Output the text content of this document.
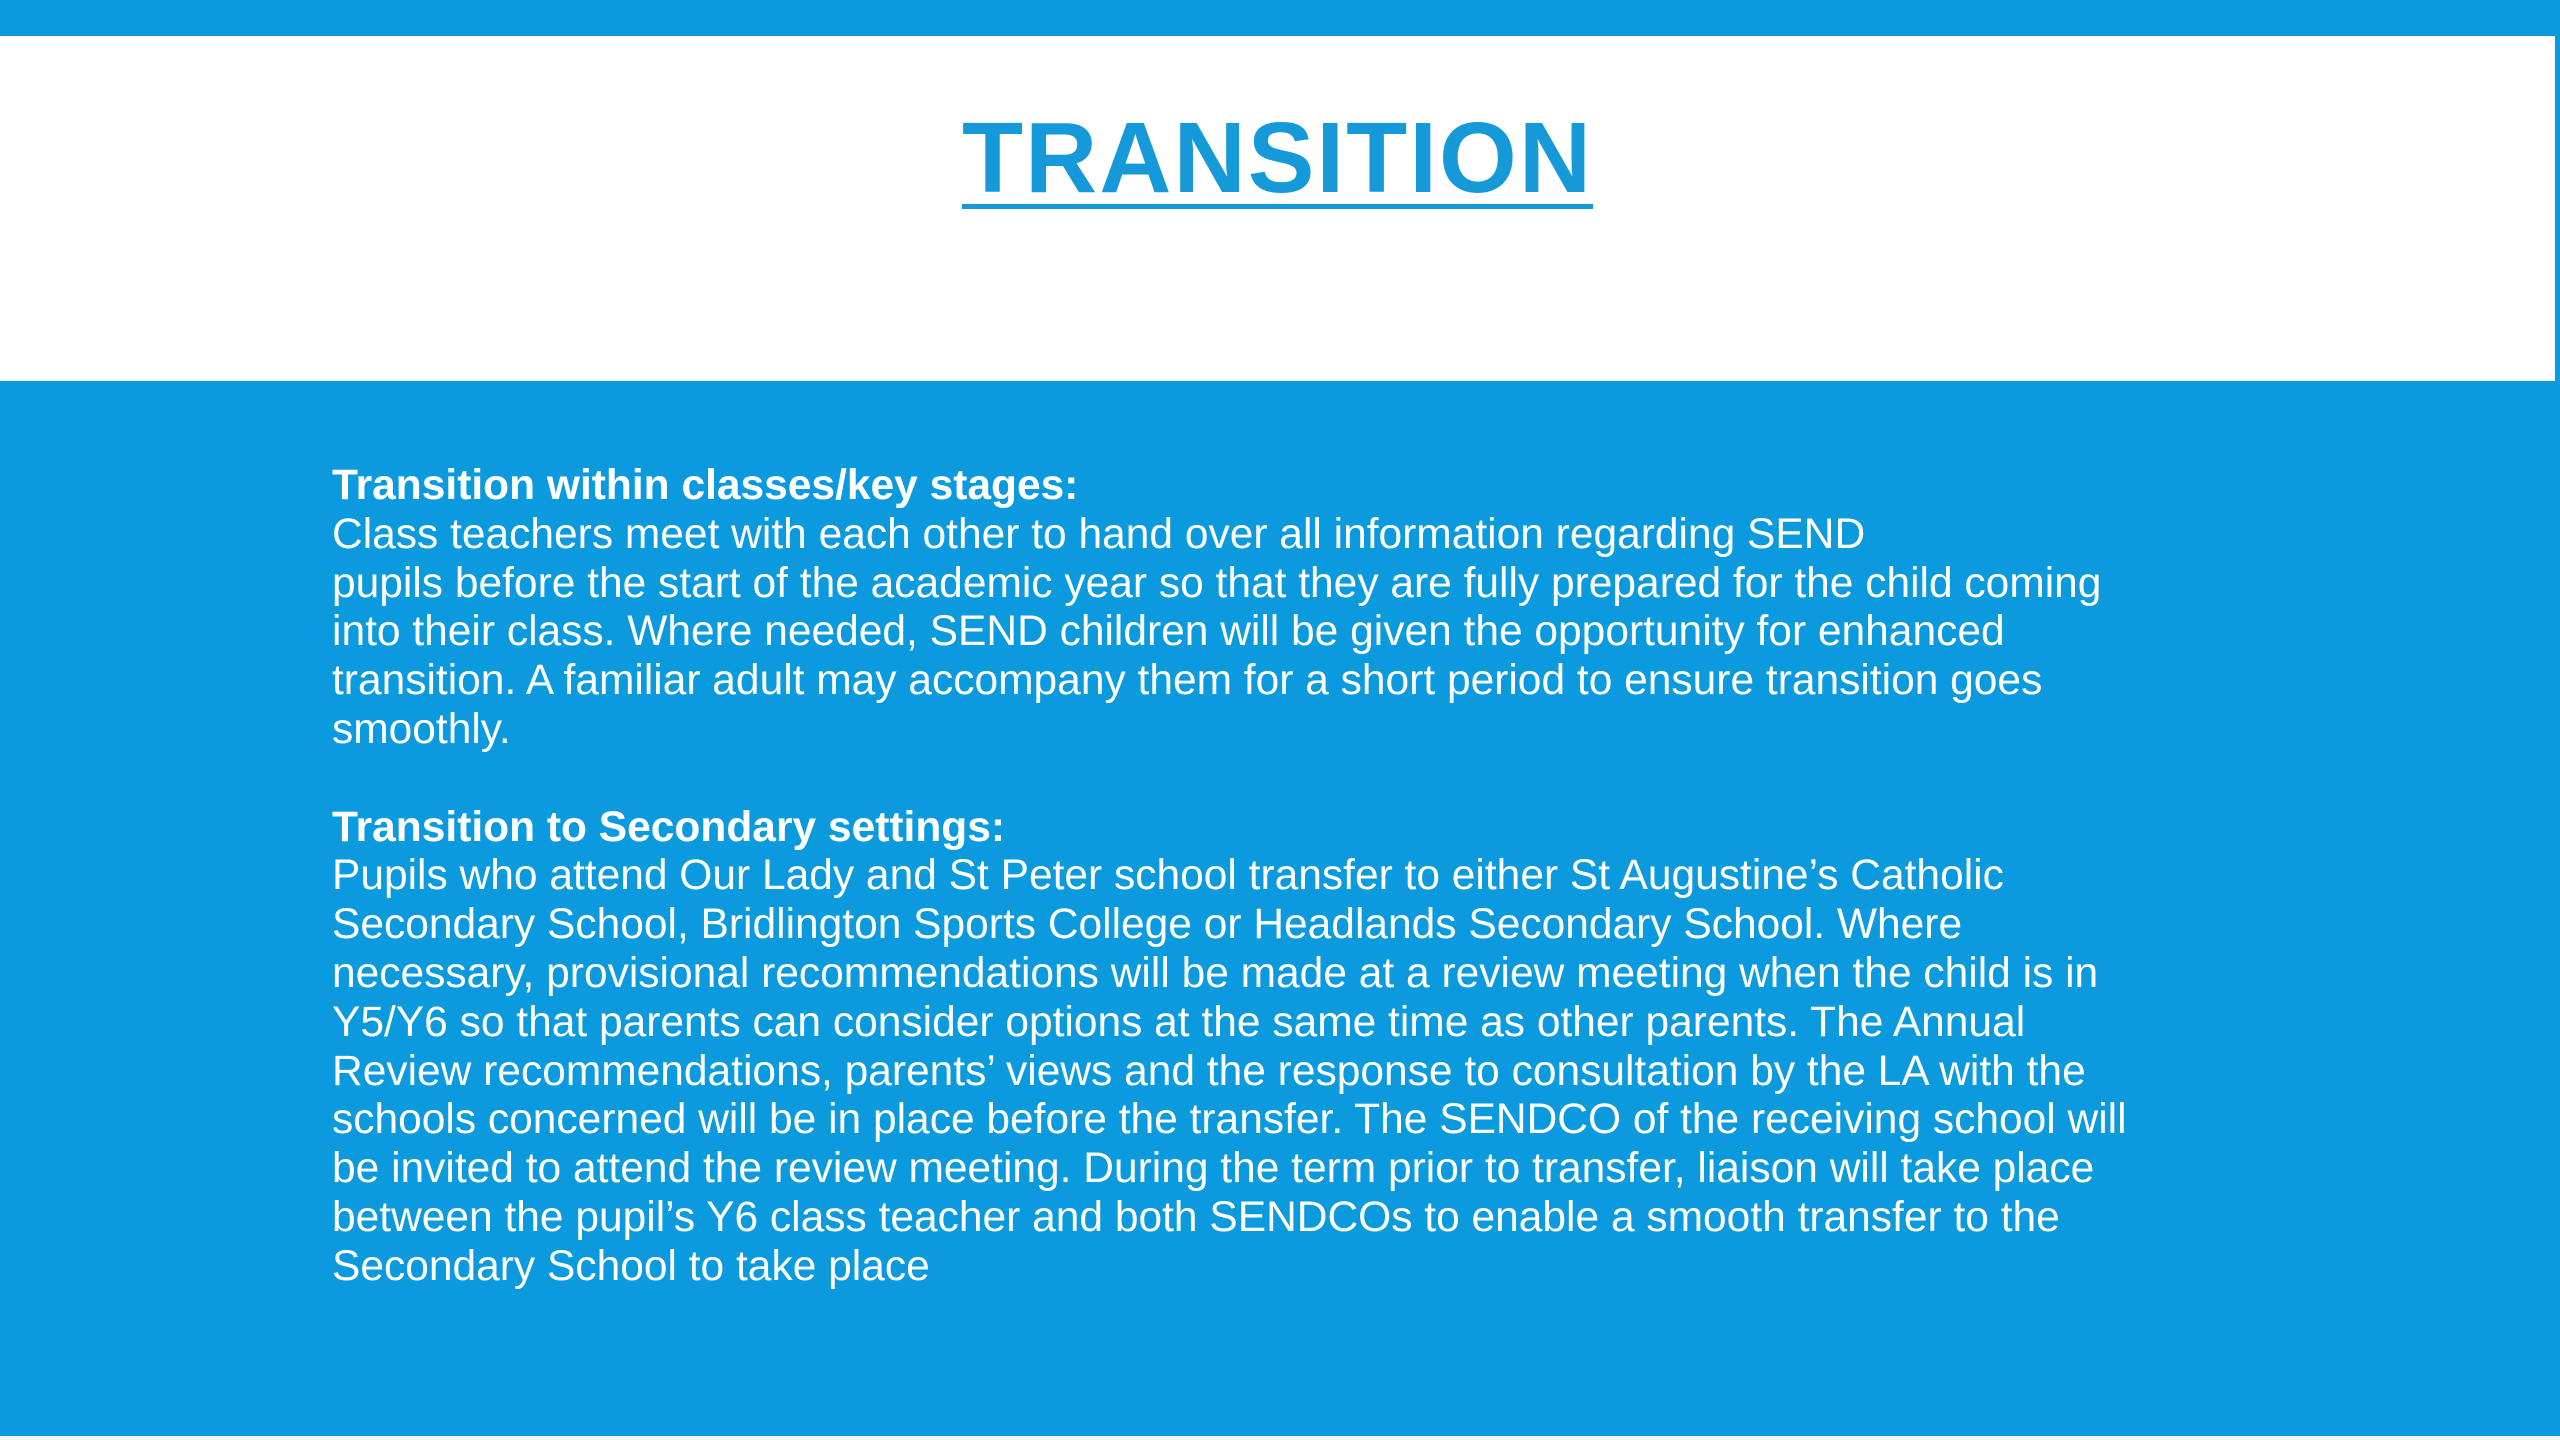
TRANSITION
Transition within classes/key stages:
Class teachers meet with each other to hand over all information regarding SEND
pupils before the start of the academic year so that they are fully prepared for the child coming
into their class. Where needed, SEND children will be given the opportunity for enhanced
transition. A familiar adult may accompany them for a short period to ensure transition goes
smoothly.
Transition to Secondary settings:
Pupils who attend Our Lady and St Peter school transfer to either St Augustine’s Catholic
Secondary School, Bridlington Sports College or Headlands Secondary School. Where
necessary, provisional recommendations will be made at a review meeting when the child is in
Y5/Y6 so that parents can consider options at the same time as other parents. The Annual
Review recommendations, parents’ views and the response to consultation by the LA with the
schools concerned will be in place before the transfer. The SENDCO of the receiving school will
be invited to attend the review meeting. During the term prior to transfer, liaison will take place
between the pupil’s Y6 class teacher and both SENDCOs to enable a smooth transfer to the
Secondary School to take place
